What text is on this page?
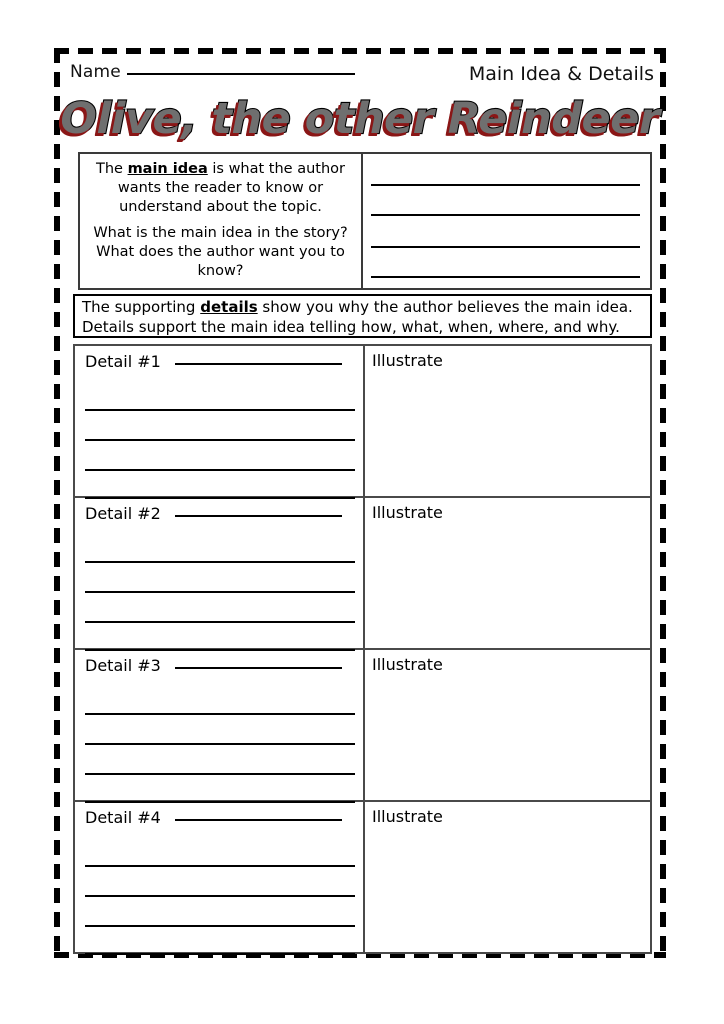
Name	Main Idea & Details
Olive, the other Reindeer

The main idea is what the author wants the reader to know or understand about the topic.

What is the main idea in the story? What does the author want you to know?

The supporting details show you why the author believes the main idea.
Details support the main idea telling how, what, when, where, and why.
Detail #1	Illustrate
Detail #2	Illustrate
Detail #3	Illustrate
Detail #4	Illustrate
